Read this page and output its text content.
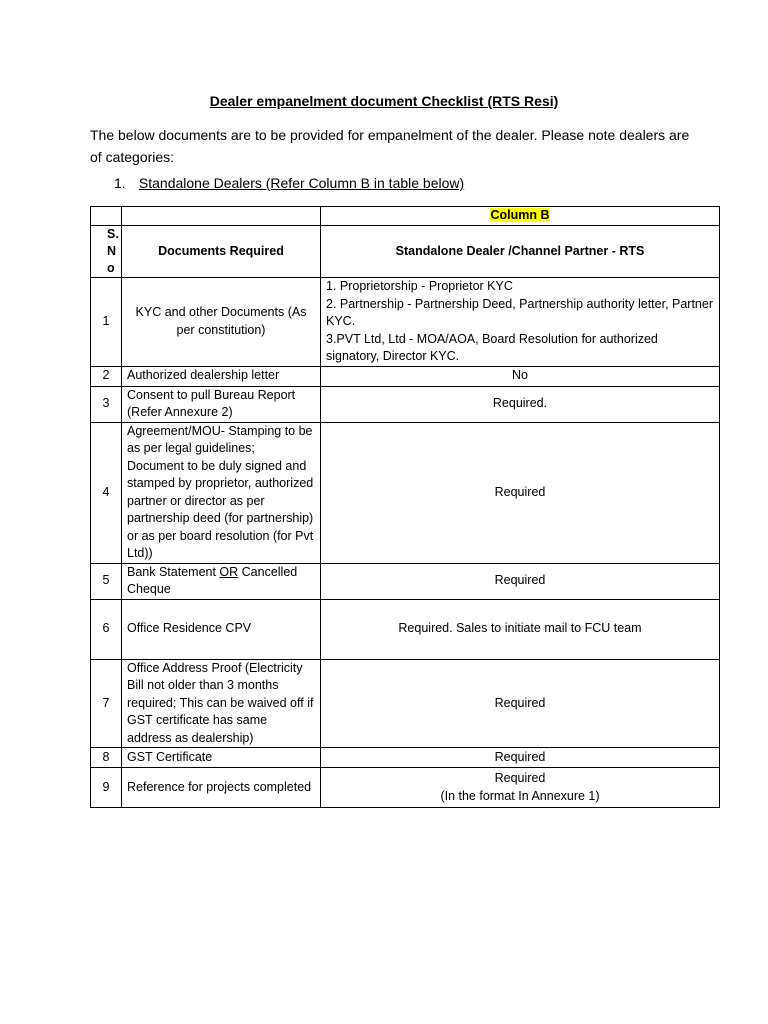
Dealer empanelment document Checklist (RTS Resi)
The below documents are to be provided for empanelment of the dealer. Please note dealers are of categories:
1. Standalone Dealers (Refer Column B in table below)
		Column B

S. N o	Documents Required	Standalone Dealer /Channel Partner - RTS
1	KYC and other Documents (As per constitution)	1. Proprietorship - Proprietor KYC
2. Partnership - Partnership Deed, Partnership authority letter, Partner KYC.
3.PVT Ltd, Ltd - MOA/AOA, Board Resolution for authorized signatory, Director KYC.

2	Authorized dealership letter	No
3	Consent to pull Bureau Report (Refer Annexure 2)	Required.
4	Agreement/MOU- Stamping to be as per legal guidelines; Document to be duly signed and stamped by proprietor, authorized partner or director as per partnership deed (for partnership) or as per board resolution (for Pvt Ltd))	Required
5	Bank Statement OR Cancelled Cheque	Required
6	Office Residence CPV	Required. Sales to initiate mail to FCU team
7	Office Address Proof (Electricity Bill not older than 3 months required; This can be waived off if GST certificate has same address as dealership)	Required
8	GST Certificate	Required
9	Reference for projects completed	Required
(In the format In Annexure 1)
